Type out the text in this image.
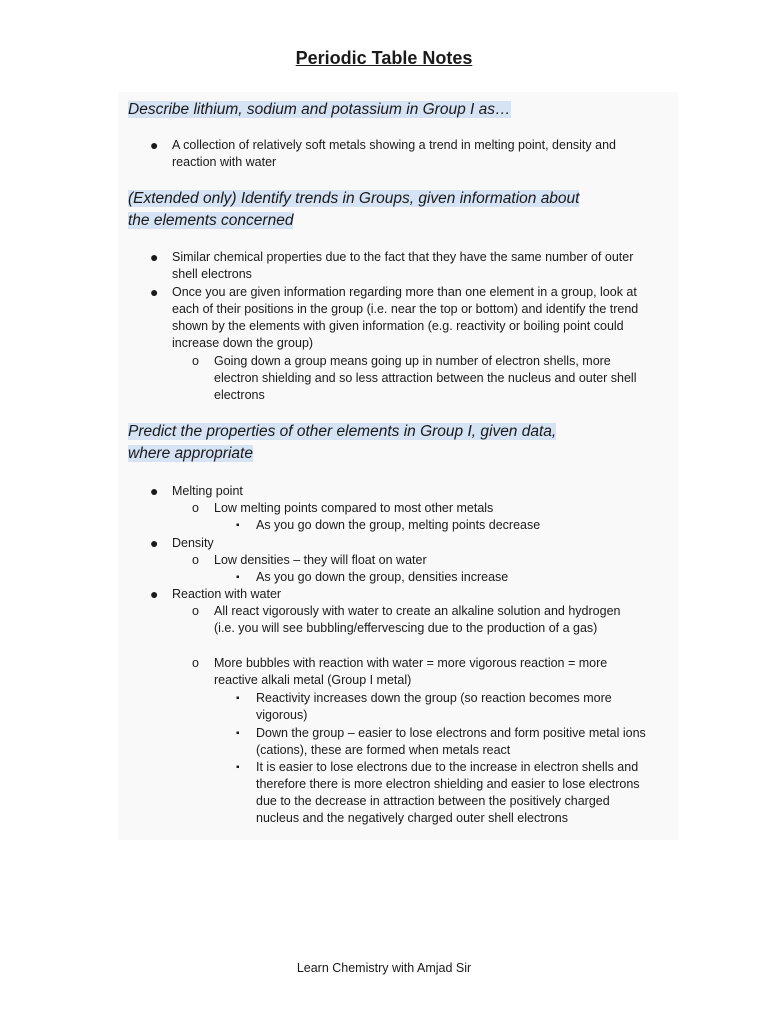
Periodic Table Notes
Describe lithium, sodium and potassium in Group I as…
● A collection of relatively soft metals showing a trend in melting point, density and reaction with water
(Extended only) Identify trends in Groups, given information about the elements concerned
● Similar chemical properties due to the fact that they have the same number of outer shell electrons
● Once you are given information regarding more than one element in a group, look at each of their positions in the group (i.e. near the top or bottom) and identify the trend shown by the elements with given information (e.g. reactivity or boiling point could increase down the group)
o Going down a group means going up in number of electron shells, more electron shielding and so less attraction between the nucleus and outer shell electrons
Predict the properties of other elements in Group I, given data, where appropriate
● Melting point
o Low melting points compared to most other metals
▪ As you go down the group, melting points decrease
● Density
o Low densities – they will float on water
▪ As you go down the group, densities increase
● Reaction with water
o All react vigorously with water to create an alkaline solution and hydrogen (i.e. you will see bubbling/effervescing due to the production of a gas)
o More bubbles with reaction with water = more vigorous reaction = more reactive alkali metal (Group I metal)
▪ Reactivity increases down the group (so reaction becomes more vigorous)
▪ Down the group – easier to lose electrons and form positive metal ions (cations), these are formed when metals react
▪ It is easier to lose electrons due to the increase in electron shells and therefore there is more electron shielding and easier to lose electrons due to the decrease in attraction between the positively charged nucleus and the negatively charged outer shell electrons
Learn Chemistry with Amjad Sir
